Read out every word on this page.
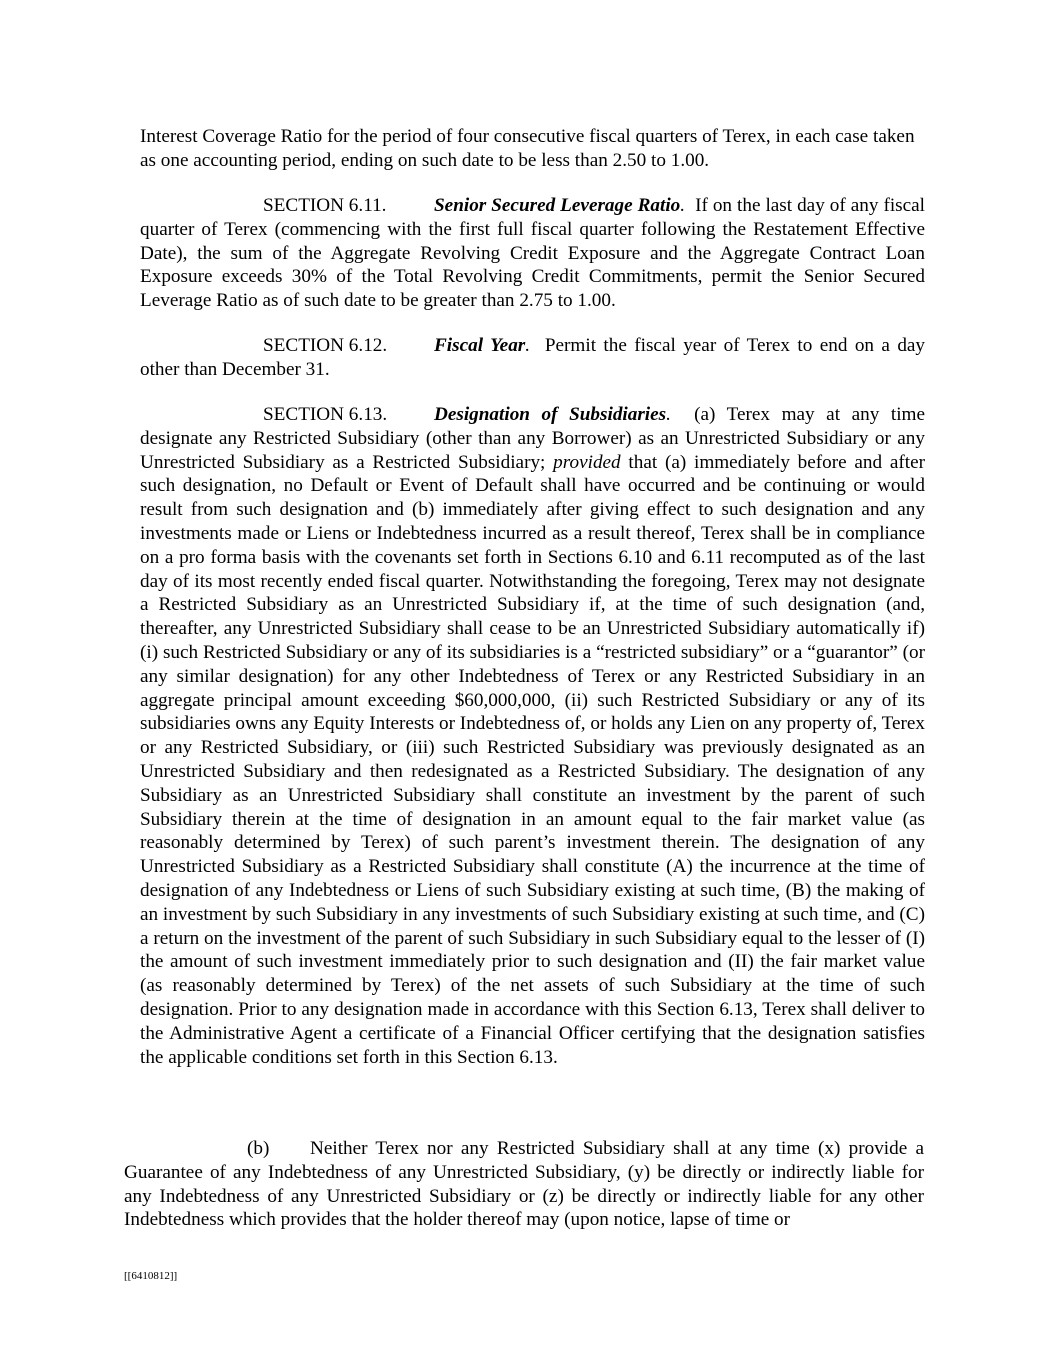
Interest Coverage Ratio for the period of four consecutive fiscal quarters of Terex, in each case taken as one accounting period, ending on such date to be less than 2.50 to 1.00.

SECTION 6.11. Senior Secured Leverage Ratio. If on the last day of any fiscal quarter of Terex (commencing with the first full fiscal quarter following the Restatement Effective Date), the sum of the Aggregate Revolving Credit Exposure and the Aggregate Contract Loan Exposure exceeds 30% of the Total Revolving Credit Commitments, permit the Senior Secured Leverage Ratio as of such date to be greater than 2.75 to 1.00.

SECTION 6.12. Fiscal Year. Permit the fiscal year of Terex to end on a day other than December 31.

SECTION 6.13. Designation of Subsidiaries. (a) Terex may at any time designate any Restricted Subsidiary (other than any Borrower) as an Unrestricted Subsidiary or any Unrestricted Subsidiary as a Restricted Subsidiary; provided that (a) immediately before and after such designation, no Default or Event of Default shall have occurred and be continuing or would result from such designation and (b) immediately after giving effect to such designation and any investments made or Liens or Indebtedness incurred as a result thereof, Terex shall be in compliance on a pro forma basis with the covenants set forth in Sections 6.10 and 6.11 recomputed as of the last day of its most recently ended fiscal quarter. Notwithstanding the foregoing, Terex may not designate a Restricted Subsidiary as an Unrestricted Subsidiary if, at the time of such designation (and, thereafter, any Unrestricted Subsidiary shall cease to be an Unrestricted Subsidiary automatically if) (i) such Restricted Subsidiary or any of its subsidiaries is a “restricted subsidiary” or a “guarantor” (or any similar designation) for any other Indebtedness of Terex or any Restricted Subsidiary in an aggregate principal amount exceeding $60,000,000, (ii) such Restricted Subsidiary or any of its subsidiaries owns any Equity Interests or Indebtedness of, or holds any Lien on any property of, Terex or any Restricted Subsidiary, or (iii) such Restricted Subsidiary was previously designated as an Unrestricted Subsidiary and then redesignated as a Restricted Subsidiary. The designation of any Subsidiary as an Unrestricted Subsidiary shall constitute an investment by the parent of such Subsidiary therein at the time of designation in an amount equal to the fair market value (as reasonably determined by Terex) of such parent’s investment therein. The designation of any Unrestricted Subsidiary as a Restricted Subsidiary shall constitute (A) the incurrence at the time of designation of any Indebtedness or Liens of such Subsidiary existing at such time, (B) the making of an investment by such Subsidiary in any investments of such Subsidiary existing at such time, and (C) a return on the investment of the parent of such Subsidiary in such Subsidiary equal to the lesser of (I) the amount of such investment immediately prior to such designation and (II) the fair market value (as reasonably determined by Terex) of the net assets of such Subsidiary at the time of such designation. Prior to any designation made in accordance with this Section 6.13, Terex shall deliver to the Administrative Agent a certificate of a Financial Officer certifying that the designation satisfies the applicable conditions set forth in this Section 6.13.

(b) Neither Terex nor any Restricted Subsidiary shall at any time (x) provide a Guarantee of any Indebtedness of any Unrestricted Subsidiary, (y) be directly or indirectly liable for any Indebtedness of any Unrestricted Subsidiary or (z) be directly or indirectly liable for any other Indebtedness which provides that the holder thereof may (upon notice, lapse of time or

[[6410812]]
